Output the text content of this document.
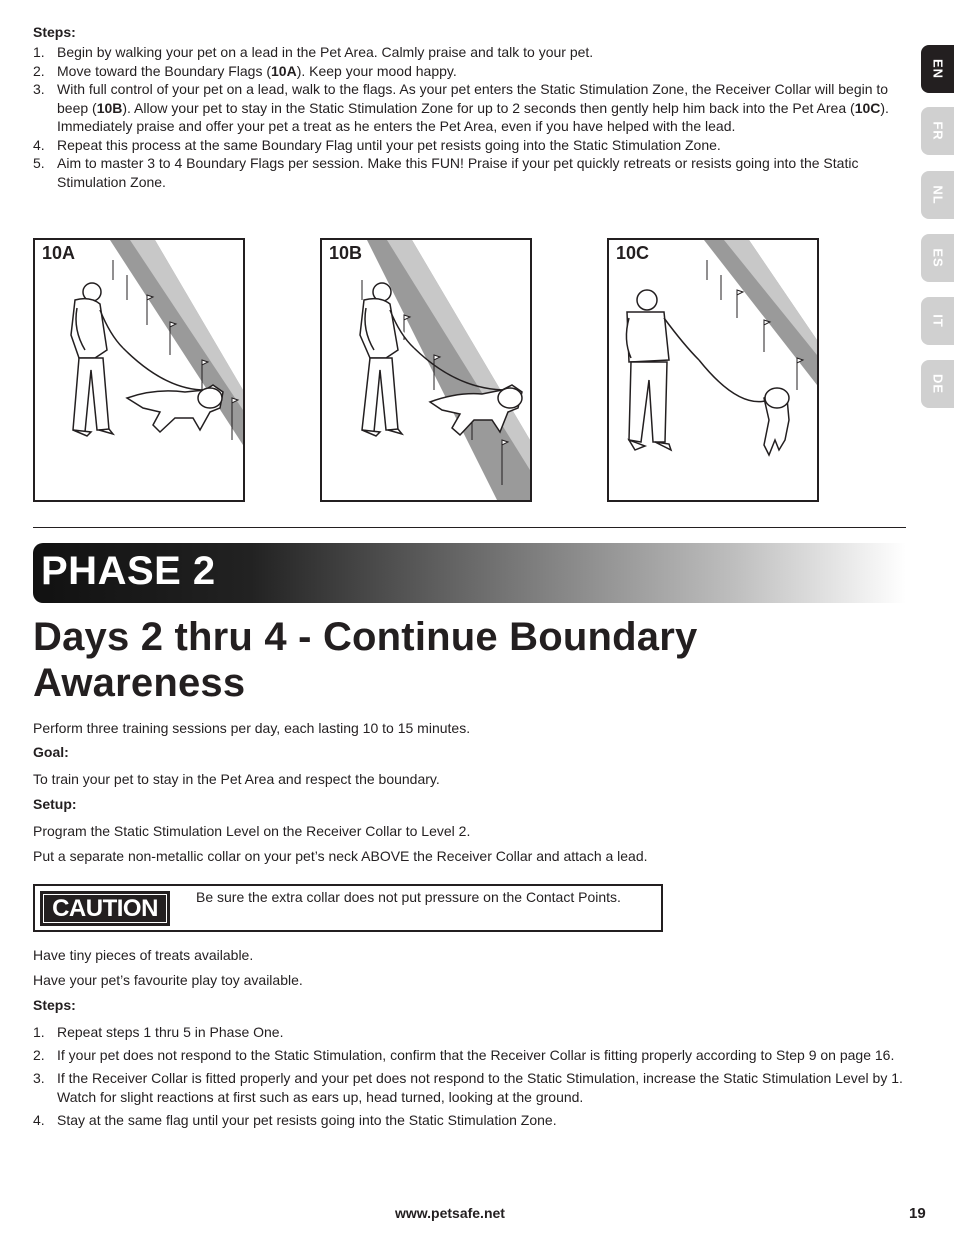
EN
FR
NL
ES
IT
DE
Steps:
1. Begin by walking your pet on a lead in the Pet Area. Calmly praise and talk to your pet.
2. Move toward the Boundary Flags (10A). Keep your mood happy.
3. With full control of your pet on a lead, walk to the flags. As your pet enters the Static Stimulation Zone, the Receiver Collar will begin to beep (10B). Allow your pet to stay in the Static Stimulation Zone for up to 2 seconds then gently help him back into the Pet Area (10C). Immediately praise and offer your pet a treat as he enters the Pet Area, even if you have helped with the lead.
4. Repeat this process at the same Boundary Flag until your pet resists going into the Static Stimulation Zone.
5. Aim to master 3 to 4 Boundary Flags per session. Make this FUN! Praise if your pet quickly retreats or resists going into the Static Stimulation Zone.
10A	10B	10C
PHASE 2
Days 2 thru 4 - Continue Boundary Awareness
Perform three training sessions per day, each lasting 10 to 15 minutes.
Goal:
To train your pet to stay in the Pet Area and respect the boundary.
Setup:
Program the Static Stimulation Level on the Receiver Collar to Level 2.
Put a separate non-metallic collar on your pet’s neck ABOVE the Receiver Collar and attach a lead.
CAUTION	Be sure the extra collar does not put pressure on the Contact Points.
Have tiny pieces of treats available.
Have your pet’s favourite play toy available.
Steps:
1. Repeat steps 1 thru 5 in Phase One.
2. If your pet does not respond to the Static Stimulation, confirm that the Receiver Collar is fitting properly according to Step 9 on page 16.
3. If the Receiver Collar is fitted properly and your pet does not respond to the Static Stimulation, increase the Static Stimulation Level by 1. Watch for slight reactions at first such as ears up, head turned, looking at the ground.
4. Stay at the same flag until your pet resists going into the Static Stimulation Zone.
www.petsafe.net	19
